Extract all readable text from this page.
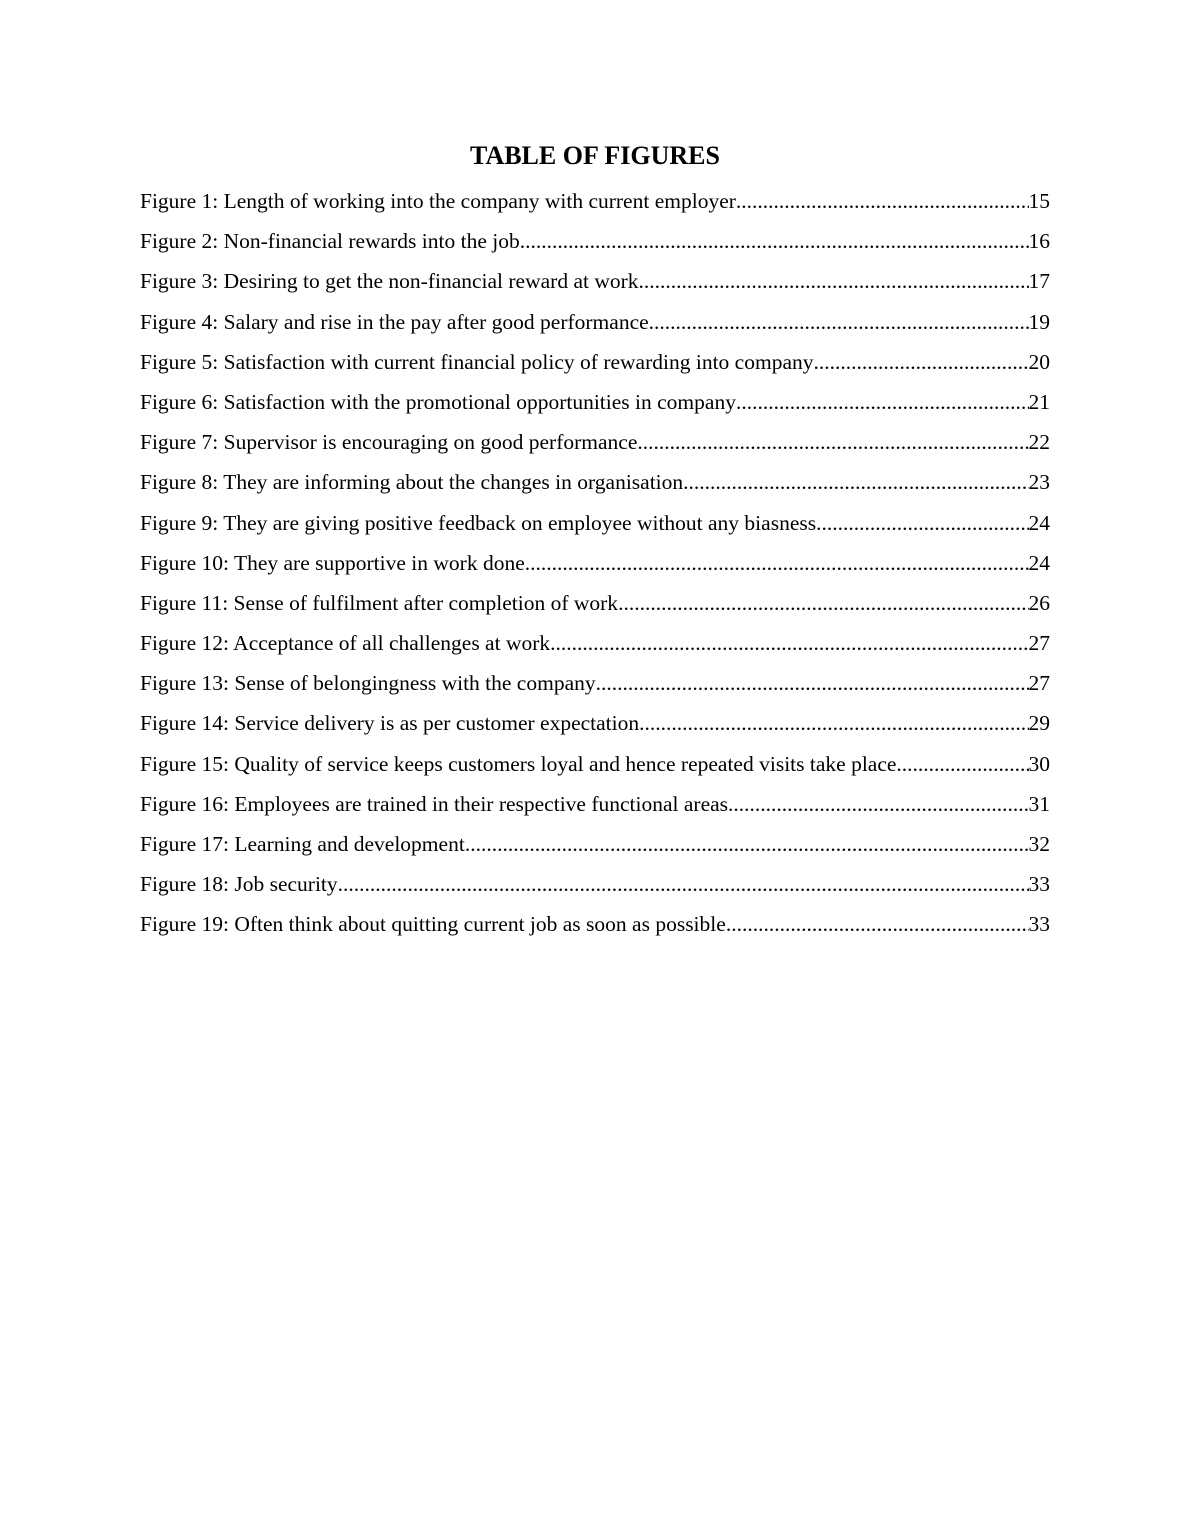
TABLE OF FIGURES
Figure 1: Length of working into the company with current employer .....	15
Figure 2: Non-financial rewards into the job .....	16
Figure 3: Desiring to get the non-financial reward at work .....	17
Figure 4: Salary and rise in the pay after good performance .....	19
Figure 5: Satisfaction with current financial policy of rewarding into company .....	20
Figure 6: Satisfaction with the promotional opportunities in company .....	21
Figure 7: Supervisor is encouraging on good performance .....	22
Figure 8: They are informing about the changes in organisation .....	23
Figure 9: They are giving positive feedback on employee without any biasness .....	24
Figure 10: They are supportive in work done .....	24
Figure 11: Sense of fulfilment after completion of work .....	26
Figure 12: Acceptance of all challenges at work .....	27
Figure 13: Sense of belongingness with the company .....	27
Figure 14: Service delivery is as per customer expectation .....	29
Figure 15: Quality of service keeps customers loyal and hence repeated visits take place .....	30
Figure 16: Employees are trained in their respective functional areas .....	31
Figure 17: Learning and development .....	32
Figure 18: Job security .....	33
Figure 19: Often think about quitting current job as soon as possible .....	33
